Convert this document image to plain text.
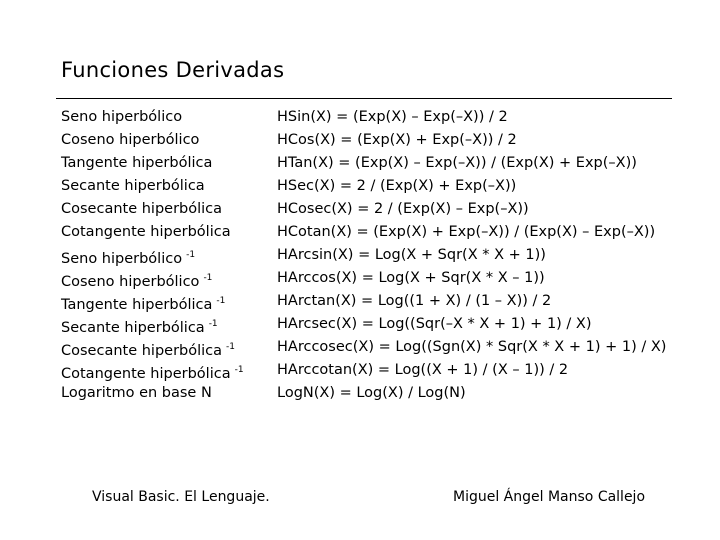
Funciones Derivadas
Seno hiperbólico
Coseno hiperbólico
Tangente hiperbólica
Secante hiperbólica
Cosecante hiperbólica
Cotangente hiperbólica
Seno hiperbólico $^{-1}$
Coseno hiperbólico $^{-1}$
Tangente hiperbólica $^{-1}$
Secante hiperbólica $^{-1}$
Cosecante hiperbólica $^{-1}$
Cotangente hiperbólica $^{-1}$
Logaritmo en base N
HSin(X) = (Exp(X) – Exp(–X)) / 2
HCos(X) = (Exp(X) + Exp(–X)) / 2
HTan(X) = (Exp(X) – Exp(–X)) / (Exp(X) + Exp(–X))
HSec(X) = 2 / (Exp(X) + Exp(–X))
HCosec(X) = 2 / (Exp(X) – Exp(–X))
HCotan(X) = (Exp(X) + Exp(–X)) / (Exp(X) – Exp(–X))
HArcsin(X) = Log(X + Sqr(X * X + 1))
HArccos(X) = Log(X + Sqr(X * X – 1))
HArctan(X) = Log((1 + X) / (1 – X)) / 2
HArcsec(X) = Log((Sqr(–X * X + 1) + 1) / X)
HArccosec(X) = Log((Sgn(X) * Sqr(X * X + 1) + 1) / X)
HArccotan(X) = Log((X + 1) / (X – 1)) / 2
LogN(X) = Log(X) / Log(N)
Visual Basic. El Lenguaje.	Miguel Ángel Manso Callejo
